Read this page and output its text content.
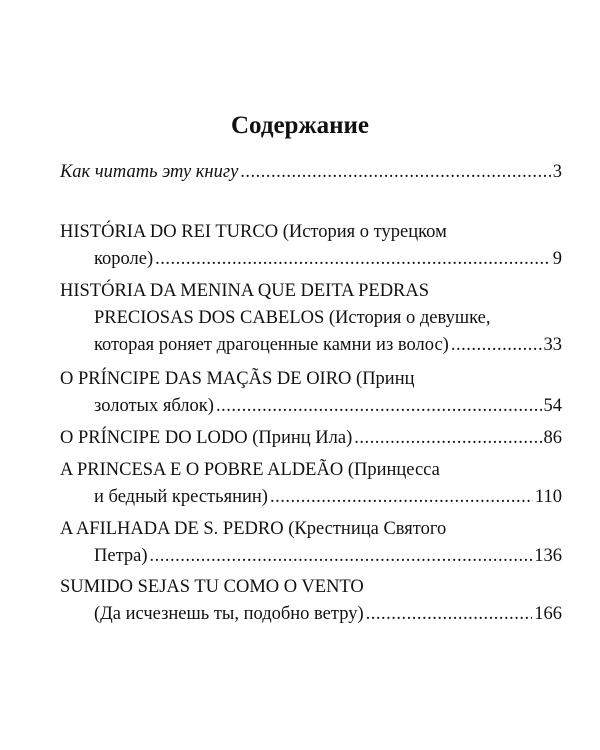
Содержание
Как читать эту книгу .....	3
HISTÓRIA DO REI TURCO (История о турецком
короле) .....	9
HISTÓRIA DA MENINA QUE DEITA PEDRAS
PRECIOSAS DOS CABELOS (История о девушке,
которая роняет драгоценные камни из волос) .....	33
O PRÍNCIPE DAS MAÇÃS DE OIRO (Принц
золотых яблок) .....	54
O PRÍNCIPE DO LODO (Принц Ила) .....	86
A PRINCESA E O POBRE ALDEÃO (Принцесса
и бедный крестьянин) .....	110
A AFILHADA DE S. PEDRO (Крестница Святого
Петра) .....	136
SUMIDO SEJAS TU COMO O VENTO
(Да исчезнешь ты, подобно ветру) .....	166
